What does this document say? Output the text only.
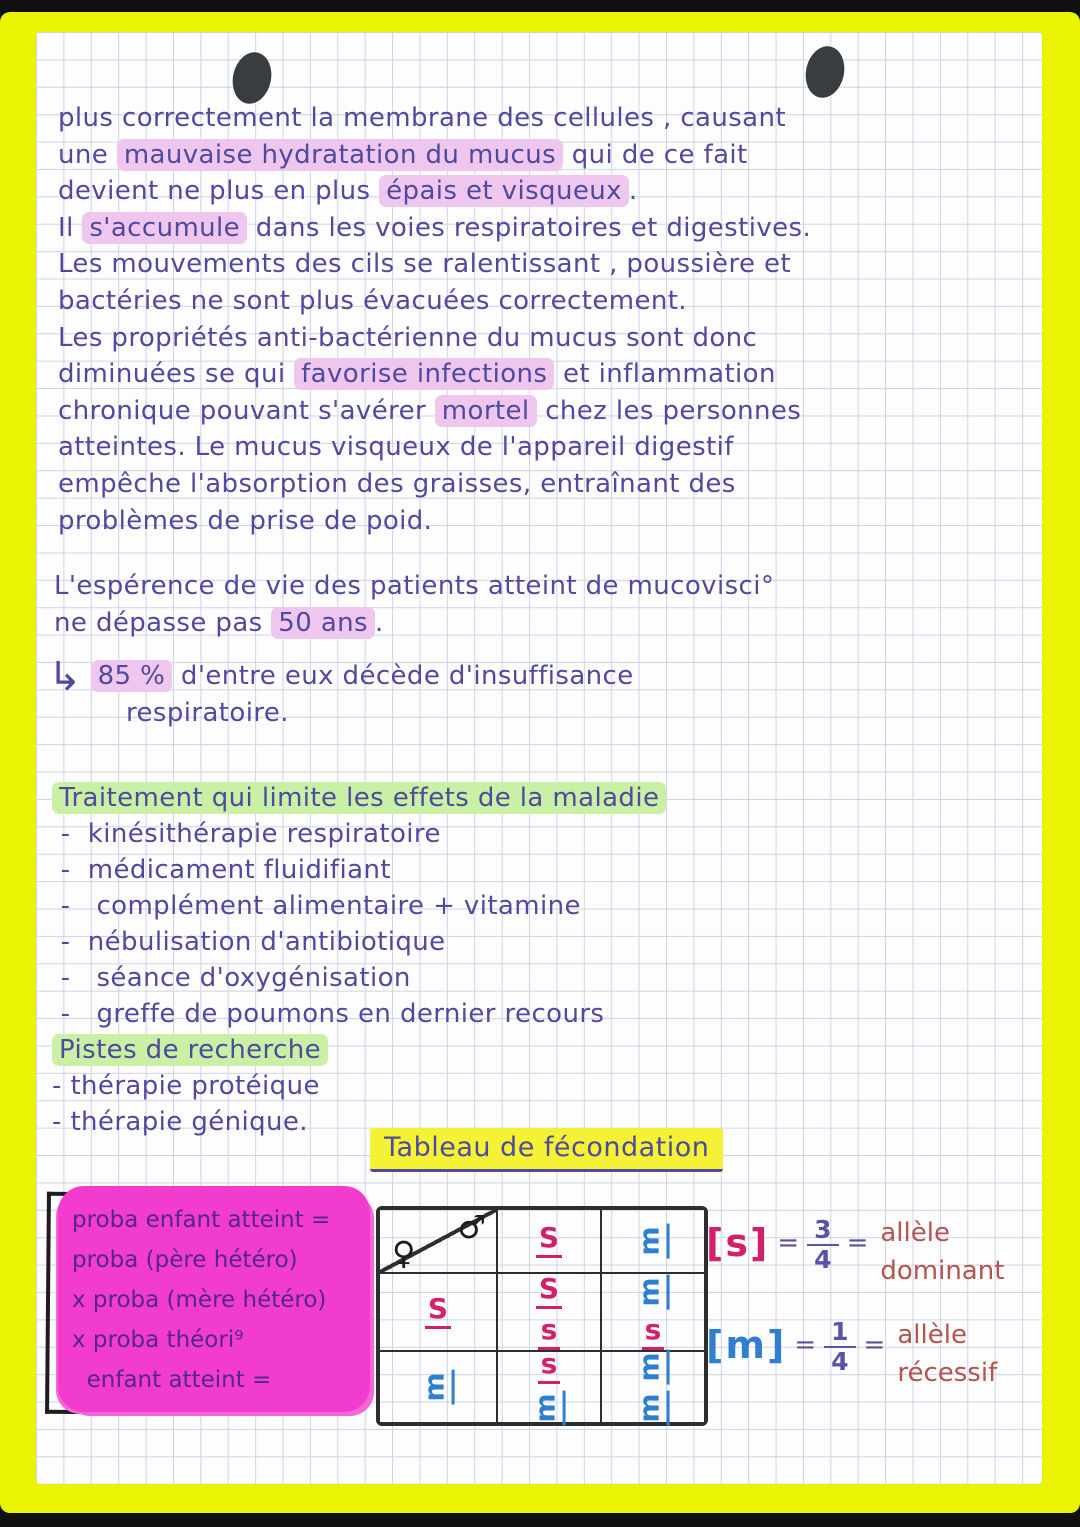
plus correctement la membrane des cellules , causant
une mauvaise hydratation du mucus qui de ce fait
devient ne plus en plus épais et visqueux .
Il s'accumule dans les voies respiratoires et digestives.
Les mouvements des cils se ralentissant , poussière et
bactéries ne sont plus évacuées correctement.
Les propriétés anti-bactérienne du mucus sont donc
diminuées se qui favorise infections et inflammation
chronique pouvant s'avérer mortel chez les personnes
atteintes. Le mucus visqueux de l'appareil digestif
empêche l'absorption des graisses, entraînant des
problèmes de prise de poid.
L'espérence de vie des patients atteint de mucovisci°
ne dépasse pas 50 ans .
↳ 85 % d'entre eux décède d'insuffisance
respiratoire.
Traitement qui limite les effets de la maladie
-  kinésithérapie respiratoire
-  médicament fluidifiant
-   complément alimentaire + vitamine
-  nébulisation d'antibiotique
-   séance d'oxygénisation
-   greffe de poumons en dernier recours
Pistes de recherche
- thérapie protéique
- thérapie génique.
Tableau de fécondation
proba enfant atteint =
proba (père hétéro)
x proba (mère hétéro)
x proba théori⁹
enfant atteint =
♀
♂ S	m
S
S
s
m
s
m
s
m
m
m
$[s] = \frac{3}{4}$ = allèle
dominant
$[m] = \frac{1}{4}$ = allèle
récessif
